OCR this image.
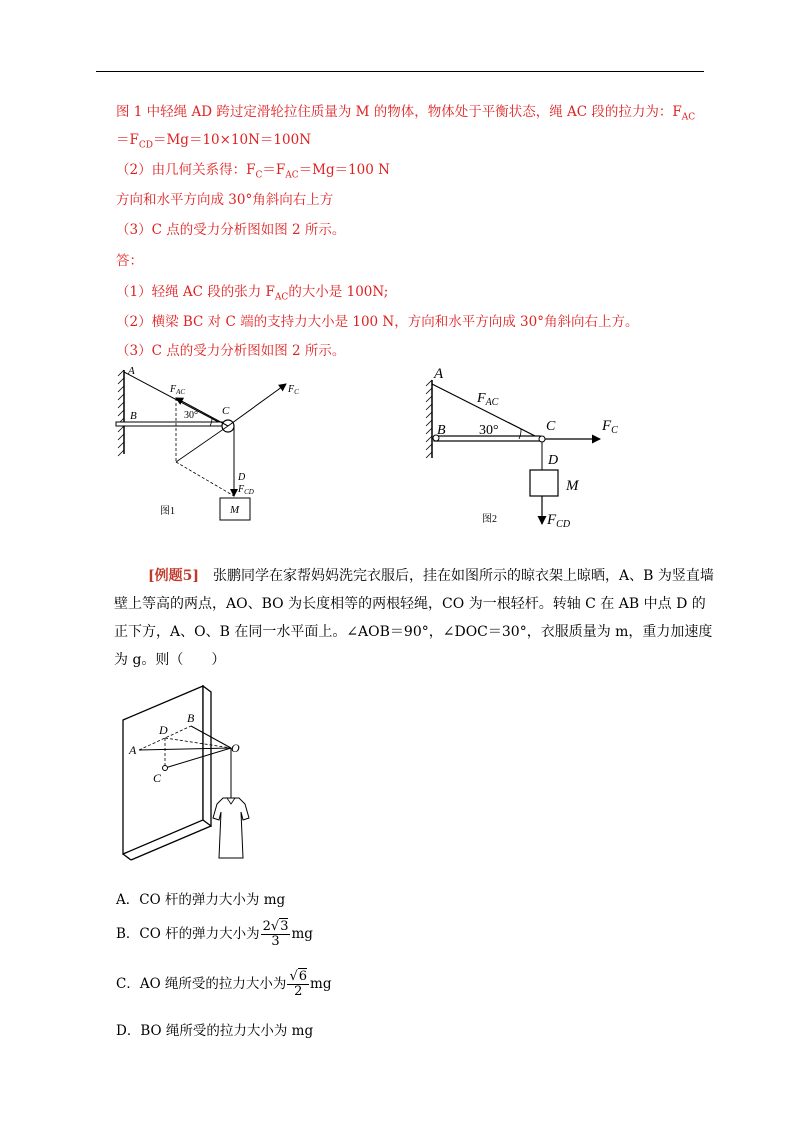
图 1 中轻绳 AD 跨过定滑轮拉住质量为 M 的物体，物体处于平衡状态，绳 AC 段的拉力为：$F_{AC}$
$=F_{CD}=Mg=10\times 10N=100N$
（2）由几何关系得：$F_C=F_{AC}=Mg=100$ N
方向和水平方向成 30°角斜向右上方
（3）C 点的受力分析图如图 2 所示。
答：
（1）轻绳 AC 段的张力 $F_{AC}$的大小是 100N;
（2）横梁 BC 对 C 端的支持力大小是 100 N，方向和水平方向成 30°角斜向右上方。
（3）C 点的受力分析图如图 2 所示。
A
B	C
D
$F_{AC}$	$F_C$
$F_{CD}$
30°
M
图1
A
B	C
D
$F_{AC}$
$F_C$
$F_{CD}$
30°
M
图2
[例题5]　 张鹏同学在家帮妈妈洗完衣服后，挂在如图所示的晾衣架上晾晒，A、B 为竖直墙壁上等高的两点，AO、BO 为长度相等的两根轻绳，CO 为一根轻杆。转轴 C 在 AB 中点 D 的正下方，A、O、B 在同一水平面上。∠AOB＝90°，∠DOC＝30°，衣服质量为 m，重力加速度为 g。则（　　）
A
B
C
D
O
A．CO 杆的弹力大小为 mg
B．CO 杆的弹力大小为 $\frac{2√3}{3}$ mg
C．AO 绳所受的拉力大小为 $\frac{√6}{2}$ mg
D．BO 绳所受的拉力大小为 mg
